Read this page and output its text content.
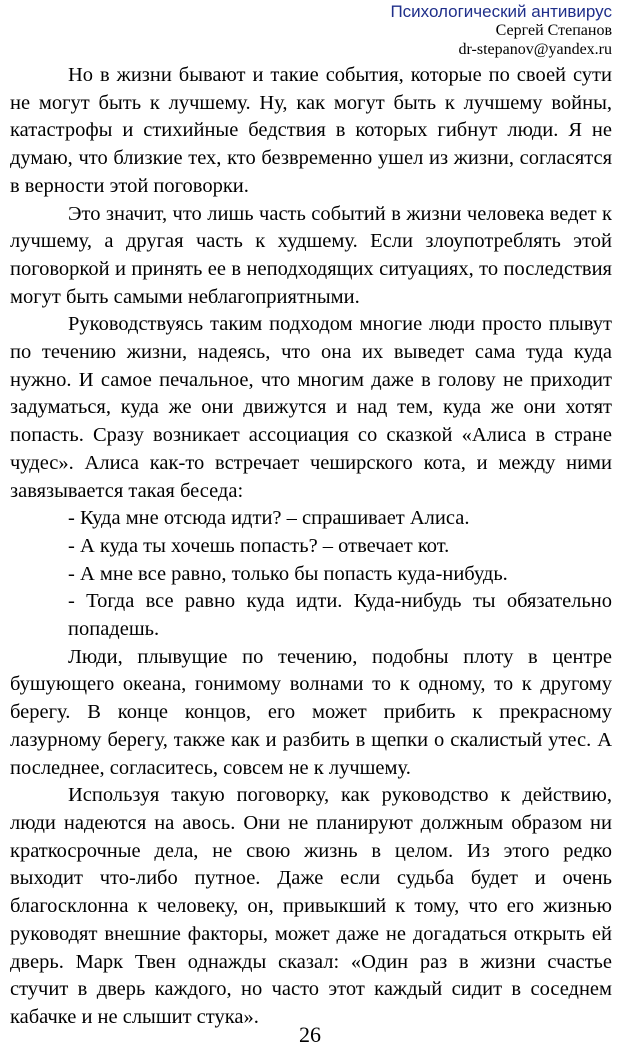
Психологический антивирус
Сергей Степанов
dr-stepanov@yandex.ru

Но в жизни бывают и такие события, которые по своей сути не могут быть к лучшему. Ну, как могут быть к лучшему войны, катастрофы и стихийные бедствия в которых гибнут люди. Я не думаю, что близкие тех, кто безвременно ушел из жизни, согласятся в верности этой поговорки.

Это значит, что лишь часть событий в жизни человека ведет к лучшему, а другая часть к худшему. Если злоупотреблять этой поговоркой и принять ее в неподходящих ситуациях, то последствия могут быть самыми неблагоприятными.

Руководствуясь таким подходом многие люди просто плывут по течению жизни, надеясь, что она их выведет сама туда куда нужно. И самое печальное, что многим даже в голову не приходит задуматься, куда же они движутся и над тем, куда же они хотят попасть. Сразу возникает ассоциация со сказкой «Алиса в стране чудес». Алиса как-то встречает чеширского кота, и между ними завязывается такая беседа:

- Куда мне отсюда идти? – спрашивает Алиса.

- А куда ты хочешь попасть? – отвечает кот.

- А мне все равно, только бы попасть куда-нибудь.

- Тогда все равно куда идти. Куда-нибудь ты обязательно попадешь.

Люди, плывущие по течению, подобны плоту в центре бушующего океана, гонимому волнами то к одному, то к другому берегу. В конце концов, его может прибить к прекрасному лазурному берегу, также как и разбить в щепки о скалистый утес. А последнее, согласитесь, совсем не к лучшему.

Используя такую поговорку, как руководство к действию, люди надеются на авось. Они не планируют должным образом ни краткосрочные дела, не свою жизнь в целом. Из этого редко выходит что-либо путное. Даже если судьба будет и очень благосклонна к человеку, он, привыкший к тому, что его жизнью руководят внешние факторы, может даже не догадаться открыть ей дверь. Марк Твен однажды сказал: «Один раз в жизни счастье стучит в дверь каждого, но часто этот каждый сидит в соседнем кабачке и не слышит стука».

26
